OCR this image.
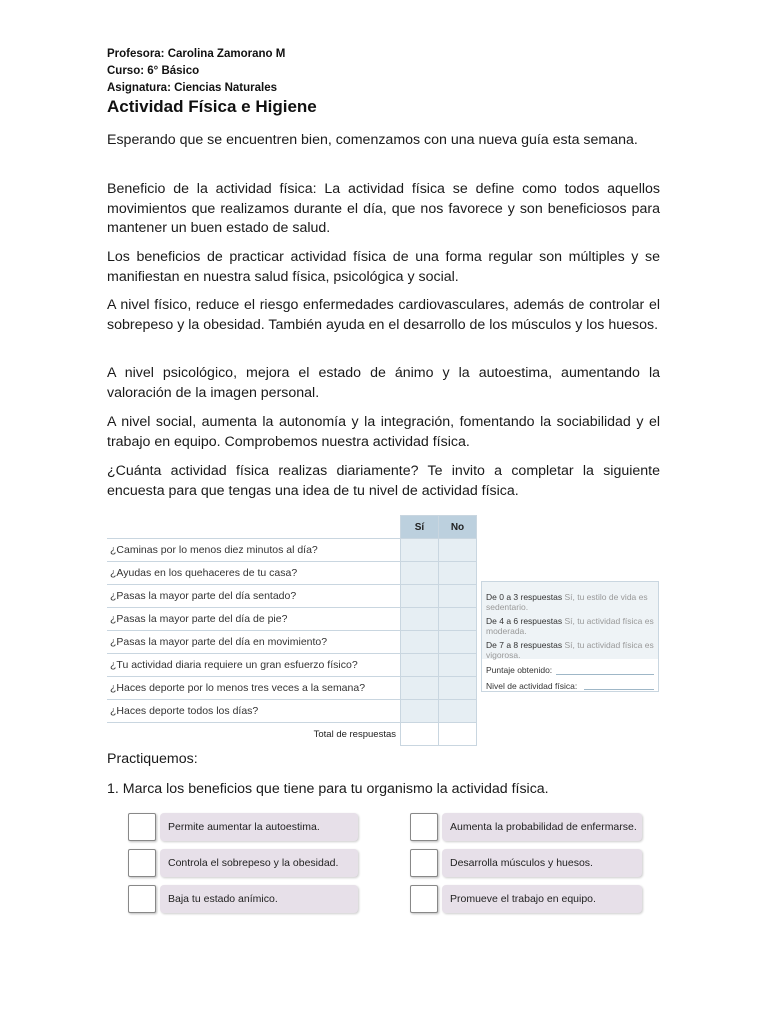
Profesora: Carolina Zamorano M
Curso: 6° Básico
Asignatura: Ciencias Naturales
Actividad Física e Higiene

Esperando que se encuentren bien, comenzamos con una nueva guía esta semana.

Beneficio de la actividad física: La actividad física se define como todos aquellos movimientos que realizamos durante el día, que nos favorece y son beneficiosos para mantener un buen estado de salud.

Los beneficios de practicar actividad física de una forma regular son múltiples y se manifiestan en nuestra salud física, psicológica y social.

A nivel físico, reduce el riesgo enfermedades cardiovasculares, además de controlar el sobrepeso y la obesidad. También ayuda en el desarrollo de los músculos y los huesos.

A nivel psicológico, mejora el estado de ánimo y la autoestima, aumentando la valoración de la imagen personal.

A nivel social, aumenta la autonomía y la integración, fomentando la sociabilidad y el trabajo en equipo. Comprobemos nuestra actividad física.

¿Cuánta actividad física realizas diariamente? Te invito a completar la siguiente encuesta para que tengas una idea de tu nivel de actividad física.

	Sí	No
¿Caminas por lo menos diez minutos al día?		
¿Ayudas en los quehaceres de tu casa?		
¿Pasas la mayor parte del día sentado?		
¿Pasas la mayor parte del día de pie?		
¿Pasas la mayor parte del día en movimiento?		
¿Tu actividad diaria requiere un gran esfuerzo físico?		
¿Haces deporte por lo menos tres veces a la semana?		
¿Haces deporte todos los días?		
Total de respuestas		
De 0 a 3 respuestas Sí, tu estilo de vida es sedentario.
De 4 a 6 respuestas Sí, tu actividad física es moderada.
De 7 a 8 respuestas Sí, tu actividad física es vigorosa.
Puntaje obtenido:
Nivel de actividad física:

Practiquemos:

1. Marca los beneficios que tiene para tu organismo la actividad física.

Permite aumentar la autoestima.
Controla el sobrepeso y la obesidad.
Baja tu estado anímico.
Aumenta la probabilidad de enfermarse.
Desarrolla músculos y huesos.
Promueve el trabajo en equipo.
